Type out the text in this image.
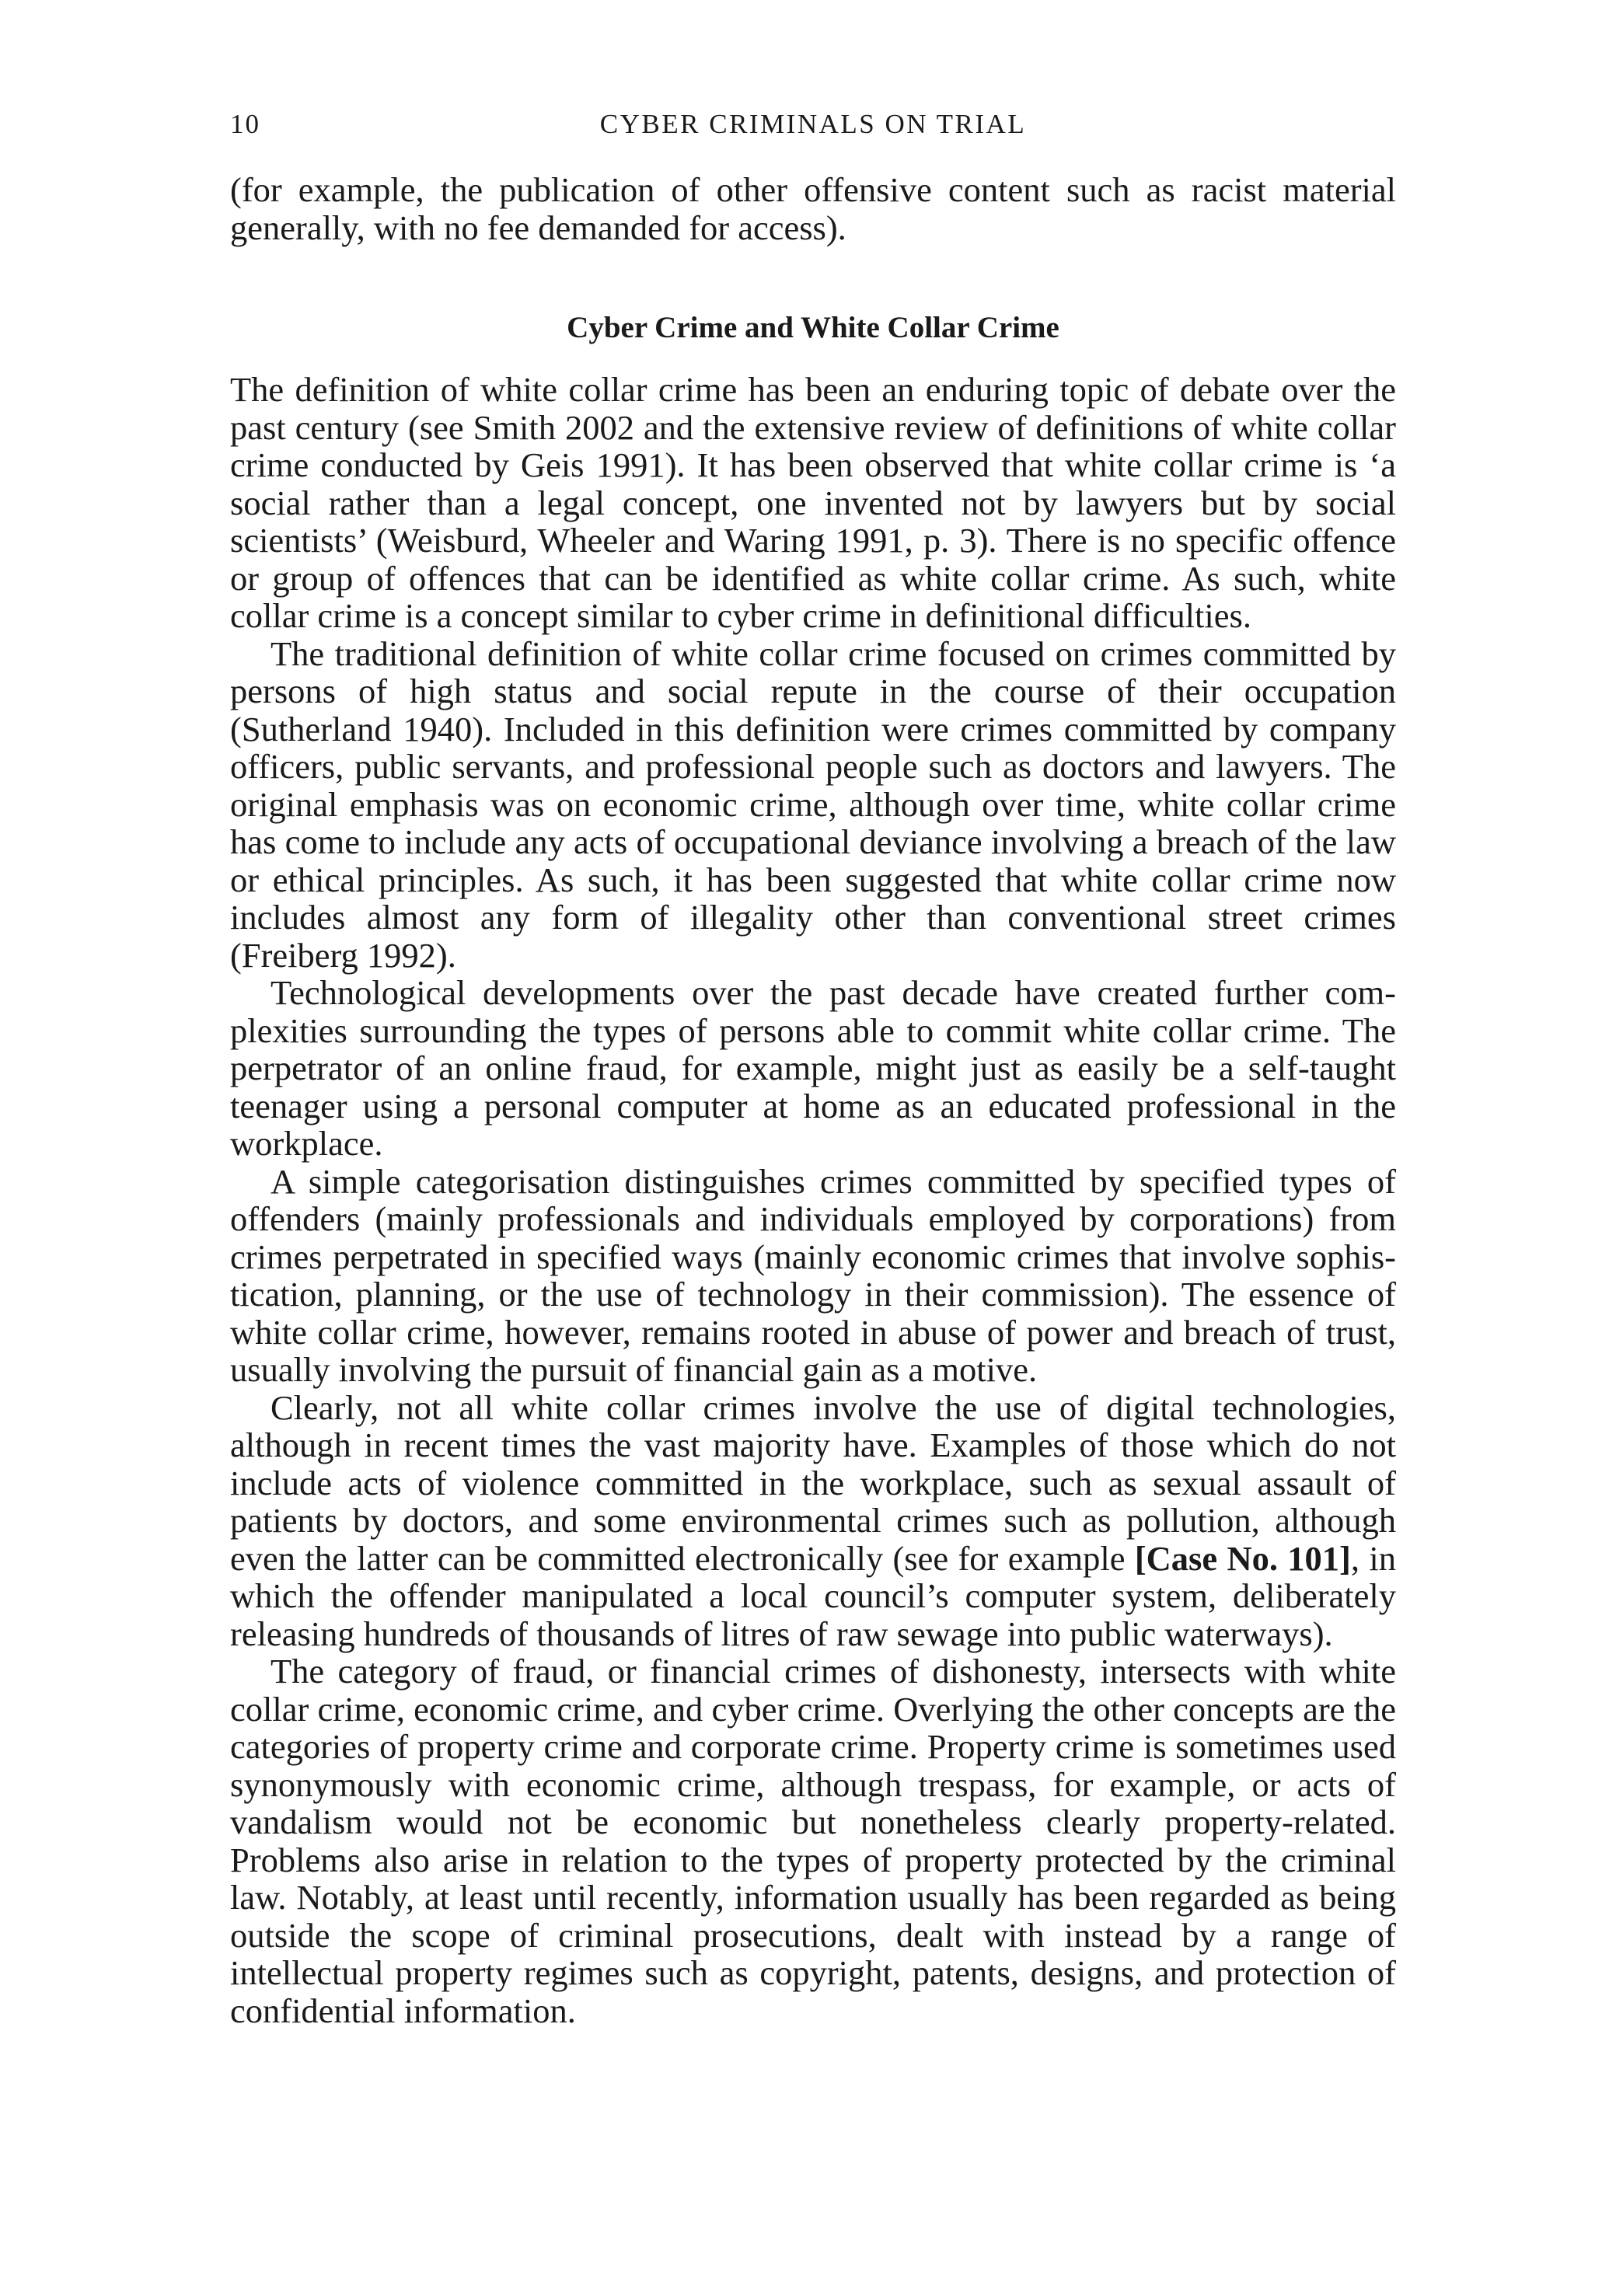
10	CYBER CRIMINALS ON TRIAL

(for example, the publication of other offensive content such as racist material generally, with no fee demanded for access).

Cyber Crime and White Collar Crime

The definition of white collar crime has been an enduring topic of debate over the past century (see Smith 2002 and the extensive review of definitions of white collar crime conducted by Geis 1991). It has been observed that white collar crime is ‘a social rather than a legal concept, one invented not by lawyers but by social scientists’ (Weisburd, Wheeler and Waring 1991, p. 3). There is no specific offence or group of offences that can be identified as white collar crime. As such, white collar crime is a concept similar to cyber crime in definitional difficulties.

The traditional definition of white collar crime focused on crimes committed by persons of high status and social repute in the course of their occupation (Sutherland 1940). Included in this definition were crimes committed by company officers, public servants, and professional people such as doctors and lawyers. The original emphasis was on economic crime, although over time, white collar crime has come to include any acts of occupational deviance involving a breach of the law or ethical principles. As such, it has been suggested that white collar crime now includes almost any form of illegality other than conventional street crimes (Freiberg 1992).

Technological developments over the past decade have created further complexities surrounding the types of persons able to commit white collar crime. The perpetrator of an online fraud, for example, might just as easily be a self-taught teenager using a personal computer at home as an educated professional in the workplace.

A simple categorisation distinguishes crimes committed by specified types of offenders (mainly professionals and individuals employed by corporations) from crimes perpetrated in specified ways (mainly economic crimes that involve sophistication, planning, or the use of technology in their commission). The essence of white collar crime, however, remains rooted in abuse of power and breach of trust, usually involving the pursuit of financial gain as a motive.

Clearly, not all white collar crimes involve the use of digital technologies, although in recent times the vast majority have. Examples of those which do not include acts of violence committed in the workplace, such as sexual assault of patients by doctors, and some environmental crimes such as pollution, although even the latter can be committed electronically (see for example [Case No. 101], in which the offender manipulated a local council’s computer system, deliberately releasing hundreds of thousands of litres of raw sewage into public waterways).

The category of fraud, or financial crimes of dishonesty, intersects with white collar crime, economic crime, and cyber crime. Overlying the other concepts are the categories of property crime and corporate crime. Property crime is sometimes used synonymously with economic crime, although trespass, for example, or acts of vandalism would not be economic but nonetheless clearly property-related. Problems also arise in relation to the types of property protected by the criminal law. Notably, at least until recently, information usually has been regarded as being outside the scope of criminal prosecutions, dealt with instead by a range of intellectual property regimes such as copyright, patents, designs, and protection of confidential information.
